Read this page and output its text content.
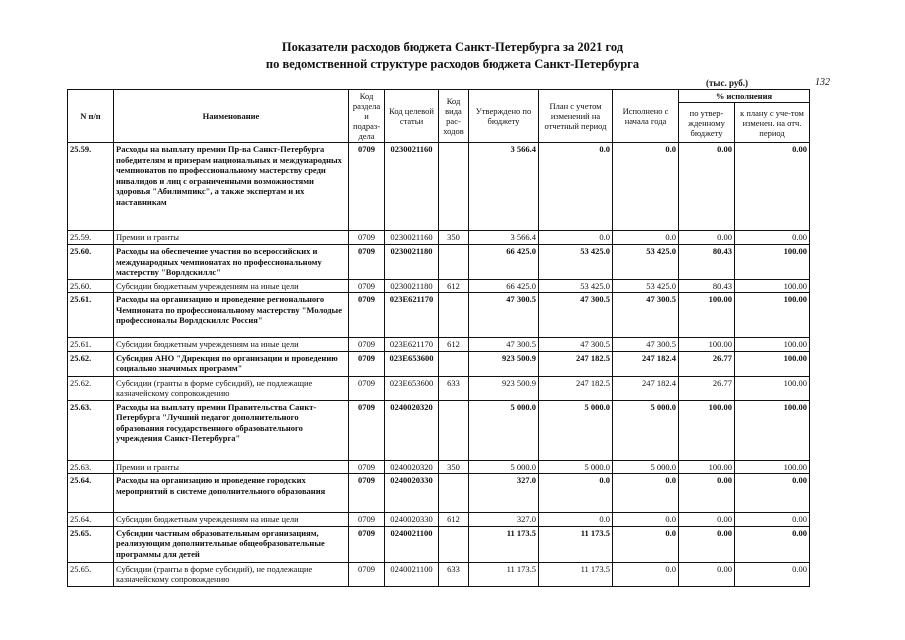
Показатели расходов бюджета Санкт-Петербурга за 2021 год
по ведомственной структуре расходов бюджета Санкт-Петербурга
(тыс. руб.)	132
N п/п	Наименование	Код раздела и подраз-дела	Код целевой статьи	Код вида рас-ходов	Утверждено по бюджету	План с учетом изменений на отчетный период	Исполнено с начала года	% исполнения	
								по утвер-жденному бюджету	к плану с уче-том изменен. на отч. период
25.59.	Расходы на выплату премии Пр-ва Санкт-Петербурга победителям и призерам национальных и международных чемпионатов по профессиональному мастерству среди инвалидов и лиц с ограниченными возможностями здоровья "Абилимпикс", а также экспертам и их наставникам	0709	0230021160		3 566.4	0.0	0.0	0.00	0.00
25.59.	Премии и гранты	0709	0230021160	350	3 566.4	0.0	0.0	0.00	0.00
25.60.	Расходы на обеспечение участия во всероссийских и международных чемпионатах по профессиональному мастерству "Ворлдскиллс"	0709	0230021180		66 425.0	53 425.0	53 425.0	80.43	100.00
25.60.	Субсидии бюджетным учреждениям на иные цели	0709	0230021180	612	66 425.0	53 425.0	53 425.0	80.43	100.00
25.61.	Расходы на организацию и проведение регионального Чемпионата по профессиональному мастерству "Молодые профессионалы Ворлдскиллс Россия"	0709	023E621170		47 300.5	47 300.5	47 300.5	100.00	100.00
25.61.	Субсидии бюджетным учреждениям на иные цели	0709	023E621170	612	47 300.5	47 300.5	47 300.5	100.00	100.00
25.62.	Субсидия АНО "Дирекция по организации и проведению социально значимых программ"	0709	023E653600		923 500.9	247 182.5	247 182.4	26.77	100.00
25.62.	Субсидии (гранты в форме субсидий), не подлежащие казначейскому сопровождению	0709	023E653600	633	923 500.9	247 182.5	247 182.4	26.77	100.00
25.63.	Расходы на выплату премии Правительства Санкт-Петербурга "Лучший педагог дополнительного образования государственного образовательного учреждения Санкт-Петербурга"	0709	0240020320		5 000.0	5 000.0	5 000.0	100.00	100.00
25.63.	Премии и гранты	0709	0240020320	350	5 000.0	5 000.0	5 000.0	100.00	100.00
25.64.	Расходы на организацию и проведение городских мероприятий в системе дополнительного образования	0709	0240020330		327.0	0.0	0.0	0.00	0.00
25.64.	Субсидии бюджетным учреждениям на иные цели	0709	0240020330	612	327.0	0.0	0.0	0.00	0.00
25.65.	Субсидии частным образовательным организациям, реализующим дополнительные общеобразовательные программы для детей	0709	0240021100		11 173.5	11 173.5	0.0	0.00	0.00
25.65.	Субсидии (гранты в форме субсидий), не подлежащие казначейскому сопровождению	0709	0240021100	633	11 173.5	11 173.5	0.0	0.00	0.00
